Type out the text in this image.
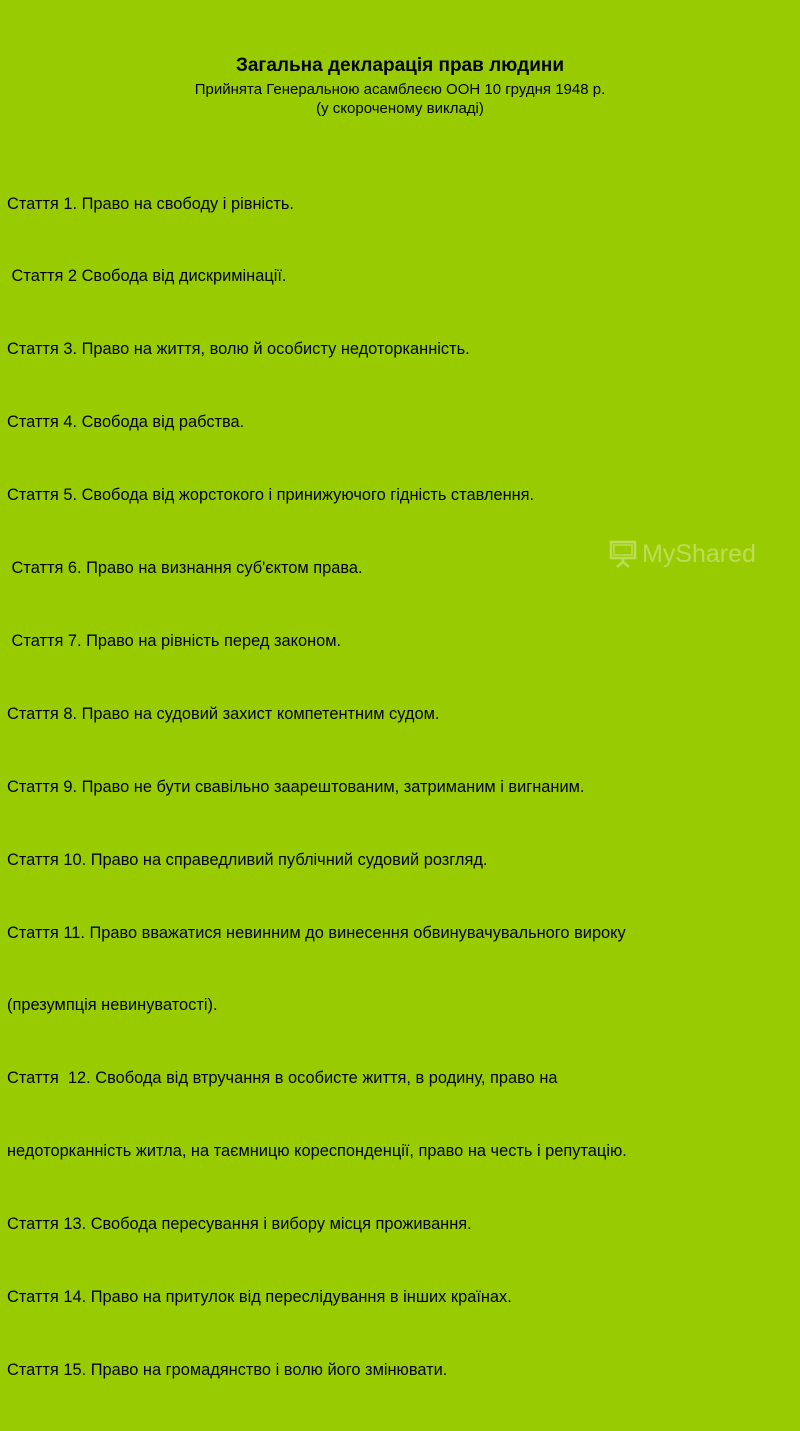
Загальна декларація прав людини
Прийнята Генеральною асамблеєю ООН 10 грудня 1948 р.
(у скороченому викладі)

Стаття 1. Право на свободу і рівність.

Стаття 2 Свобода від дискримінації.

Стаття 3. Право на життя, волю й особисту недоторканність.

Стаття 4. Свобода від рабства.

Стаття 5. Свобода від жорстокого і принижуючого гідність ставлення.

Стаття 6. Право на визнання суб'єктом права.

Стаття 7. Право на рівність перед законом.

Стаття 8. Право на судовий захист компетентним судом.

Стаття 9. Право не бути свавільно заарештованим, затриманим і вигнаним.

Стаття 10. Право на справедливий публічний судовий розгляд.

Стаття 11. Право вважатися невинним до винесення обвинувачувального вироку

(презумпція невинуватості).

Стаття  12. Свобода від втручання в особисте життя, в родину, право на

недоторканність житла, на таємницю кореспонденції, право на честь і репутацію.

Стаття 13. Свобода пересування і вибору місця проживання.

Стаття 14. Право на притулок від переслідування в інших країнах.

Стаття 15. Право на громадянство і волю його змінювати.

MyShared
